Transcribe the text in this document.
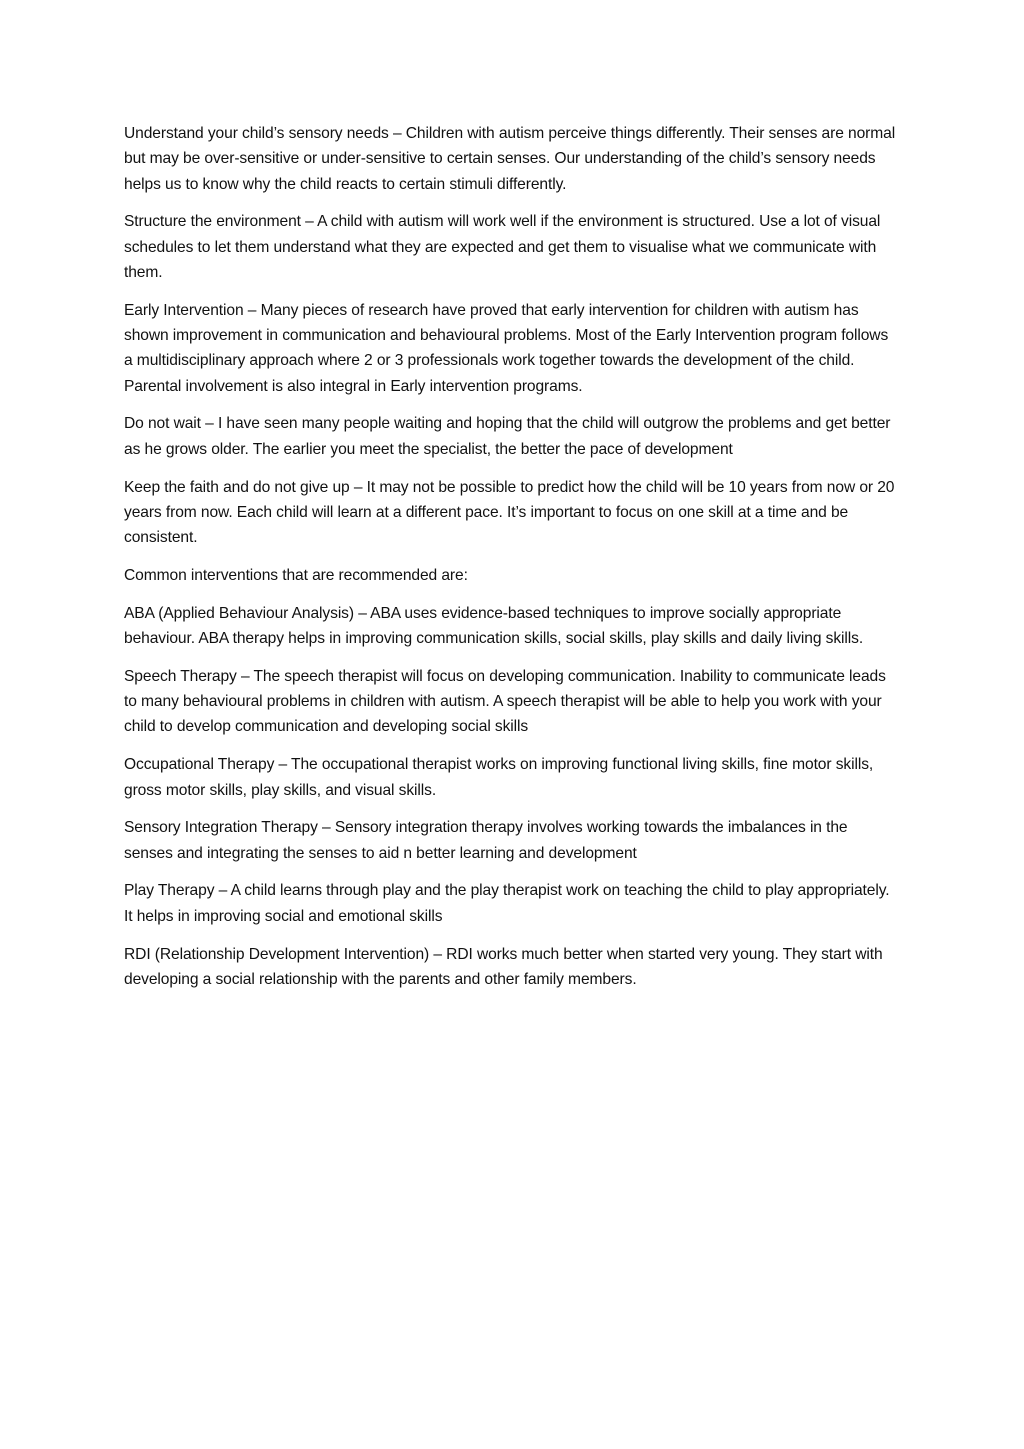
Understand your child’s sensory needs – Children with autism perceive things differently. Their senses are normal but may be over-sensitive or under-sensitive to certain senses. Our understanding of the child’s sensory needs helps us to know why the child reacts to certain stimuli differently.

Structure the environment – A child with autism will work well if the environment is structured. Use a lot of visual schedules to let them understand what they are expected and get them to visualise what we communicate with them.

Early Intervention – Many pieces of research have proved that early intervention for children with autism has shown improvement in communication and behavioural problems. Most of the Early Intervention program follows a multidisciplinary approach where 2 or 3 professionals work together towards the development of the child. Parental involvement is also integral in Early intervention programs.

Do not wait – I have seen many people waiting and hoping that the child will outgrow the problems and get better as he grows older. The earlier you meet the specialist, the better the pace of development

Keep the faith and do not give up – It may not be possible to predict how the child will be 10 years from now or 20 years from now. Each child will learn at a different pace. It’s important to focus on one skill at a time and be consistent.

Common interventions that are recommended are:

ABA (Applied Behaviour Analysis) – ABA uses evidence-based techniques to improve socially appropriate behaviour. ABA therapy helps in improving communication skills, social skills, play skills and daily living skills.

Speech Therapy – The speech therapist will focus on developing communication. Inability to communicate leads to many behavioural problems in children with autism. A speech therapist will be able to help you work with your child to develop communication and developing social skills

Occupational Therapy – The occupational therapist works on improving functional living skills, fine motor skills, gross motor skills, play skills, and visual skills.

Sensory Integration Therapy – Sensory integration therapy involves working towards the imbalances in the senses and integrating the senses to aid n better learning and development

Play Therapy – A child learns through play and the play therapist work on teaching the child to play appropriately. It helps in improving social and emotional skills

RDI (Relationship Development Intervention) – RDI works much better when started very young. They start with developing a social relationship with the parents and other family members.
